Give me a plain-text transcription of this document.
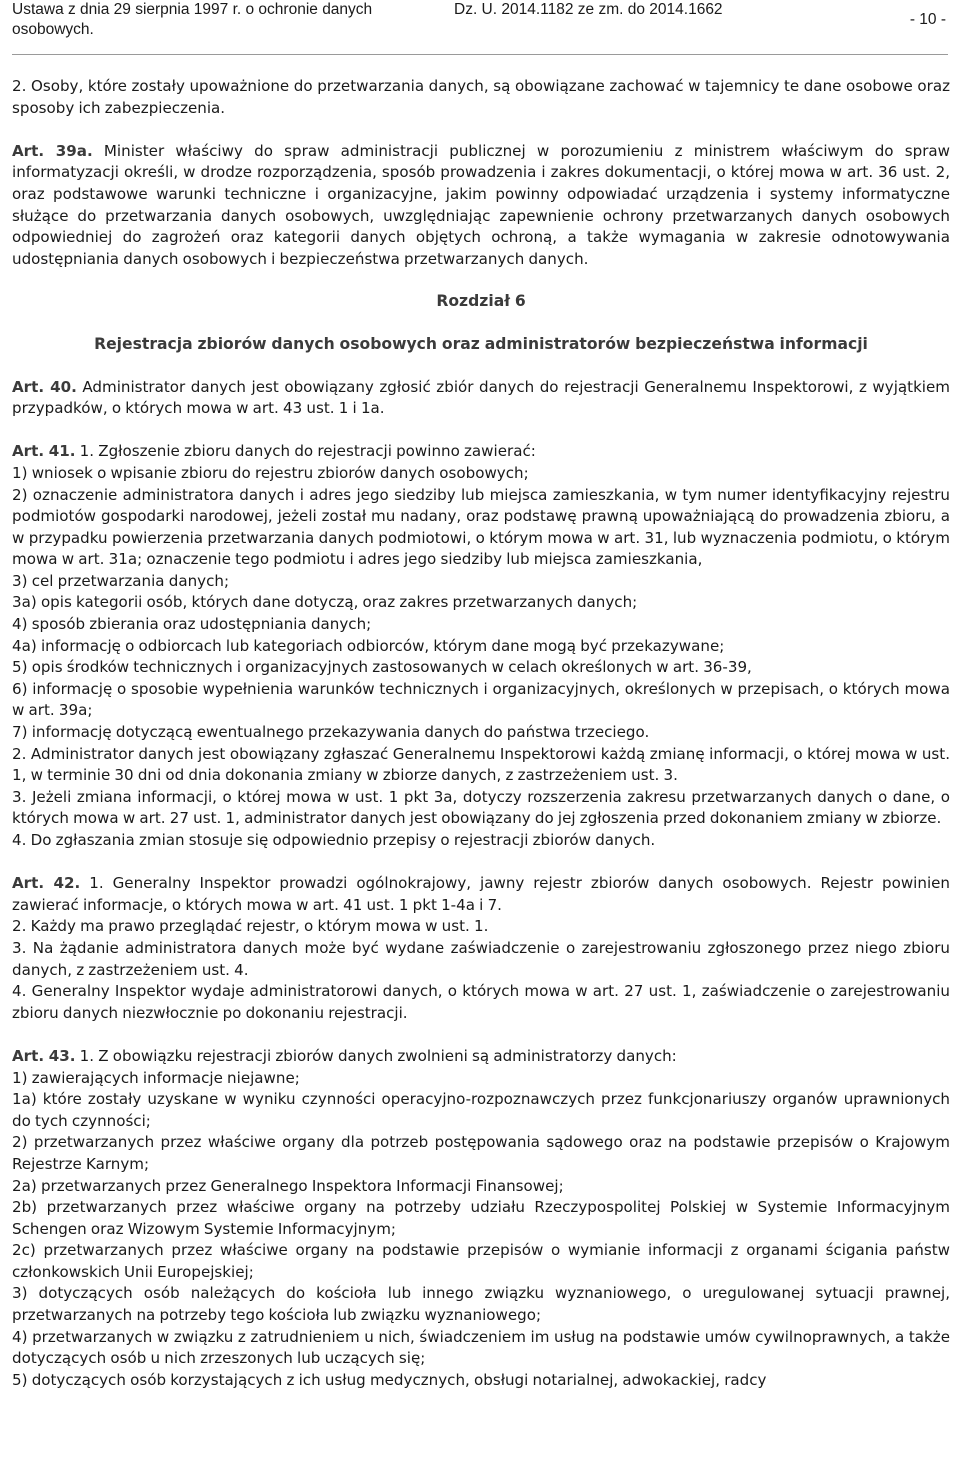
Ustawa z dnia 29 sierpnia 1997 r. o ochronie danych osobowych.
Dz. U. 2014.1182 ze zm. do 2014.1662
- 10 -

2. Osoby, które zostały upoważnione do przetwarzania danych, są obowiązane zachować w tajemnicy te dane osobowe oraz sposoby ich zabezpieczenia.

Art. 39a. Minister właściwy do spraw administracji publicznej w porozumieniu z ministrem właściwym do spraw informatyzacji określi, w drodze rozporządzenia, sposób prowadzenia i zakres dokumentacji, o której mowa w art. 36 ust. 2, oraz podstawowe warunki techniczne i organizacyjne, jakim powinny odpowiadać urządzenia i systemy informatyczne służące do przetwarzania danych osobowych, uwzględniając zapewnienie ochrony przetwarzanych danych osobowych odpowiedniej do zagrożeń oraz kategorii danych objętych ochroną, a także wymagania w zakresie odnotowywania udostępniania danych osobowych i bezpieczeństwa przetwarzanych danych.

Rozdział 6

Rejestracja zbiorów danych osobowych oraz administratorów bezpieczeństwa informacji

Art. 40. Administrator danych jest obowiązany zgłosić zbiór danych do rejestracji Generalnemu Inspektorowi, z wyjątkiem przypadków, o których mowa w art. 43 ust. 1 i 1a.

Art. 41. 1. Zgłoszenie zbioru danych do rejestracji powinno zawierać:

1) wniosek o wpisanie zbioru do rejestru zbiorów danych osobowych;

2) oznaczenie administratora danych i adres jego siedziby lub miejsca zamieszkania, w tym numer identyfikacyjny rejestru podmiotów gospodarki narodowej, jeżeli został mu nadany, oraz podstawę prawną upoważniającą do prowadzenia zbioru, a w przypadku powierzenia przetwarzania danych podmiotowi, o którym mowa w art. 31, lub wyznaczenia podmiotu, o którym mowa w art. 31a; oznaczenie tego podmiotu i adres jego siedziby lub miejsca zamieszkania,

3) cel przetwarzania danych;

3a) opis kategorii osób, których dane dotyczą, oraz zakres przetwarzanych danych;

4) sposób zbierania oraz udostępniania danych;

4a) informację o odbiorcach lub kategoriach odbiorców, którym dane mogą być przekazywane;

5) opis środków technicznych i organizacyjnych zastosowanych w celach określonych w art. 36-39,

6) informację o sposobie wypełnienia warunków technicznych i organizacyjnych, określonych w przepisach, o których mowa w art. 39a;

7) informację dotyczącą ewentualnego przekazywania danych do państwa trzeciego.

2. Administrator danych jest obowiązany zgłaszać Generalnemu Inspektorowi każdą zmianę informacji, o której mowa w ust. 1, w terminie 30 dni od dnia dokonania zmiany w zbiorze danych, z zastrzeżeniem ust. 3.

3. Jeżeli zmiana informacji, o której mowa w ust. 1 pkt 3a, dotyczy rozszerzenia zakresu przetwarzanych danych o dane, o których mowa w art. 27 ust. 1, administrator danych jest obowiązany do jej zgłoszenia przed dokonaniem zmiany w zbiorze.

4. Do zgłaszania zmian stosuje się odpowiednio przepisy o rejestracji zbiorów danych.

Art. 42. 1. Generalny Inspektor prowadzi ogólnokrajowy, jawny rejestr zbiorów danych osobowych. Rejestr powinien zawierać informacje, o których mowa w art. 41 ust. 1 pkt 1-4a i 7.

2. Każdy ma prawo przeglądać rejestr, o którym mowa w ust. 1.

3. Na żądanie administratora danych może być wydane zaświadczenie o zarejestrowaniu zgłoszonego przez niego zbioru danych, z zastrzeżeniem ust. 4.

4. Generalny Inspektor wydaje administratorowi danych, o których mowa w art. 27 ust. 1, zaświadczenie o zarejestrowaniu zbioru danych niezwłocznie po dokonaniu rejestracji.

Art. 43. 1. Z obowiązku rejestracji zbiorów danych zwolnieni są administratorzy danych:

1) zawierających informacje niejawne;

1a) które zostały uzyskane w wyniku czynności operacyjno-rozpoznawczych przez funkcjonariuszy organów uprawnionych do tych czynności;

2) przetwarzanych przez właściwe organy dla potrzeb postępowania sądowego oraz na podstawie przepisów o Krajowym Rejestrze Karnym;

2a) przetwarzanych przez Generalnego Inspektora Informacji Finansowej;

2b) przetwarzanych przez właściwe organy na potrzeby udziału Rzeczypospolitej Polskiej w Systemie Informacyjnym Schengen oraz Wizowym Systemie Informacyjnym;

2c) przetwarzanych przez właściwe organy na podstawie przepisów o wymianie informacji z organami ścigania państw członkowskich Unii Europejskiej;

3) dotyczących osób należących do kościoła lub innego związku wyznaniowego, o uregulowanej sytuacji prawnej, przetwarzanych na potrzeby tego kościoła lub związku wyznaniowego;

4) przetwarzanych w związku z zatrudnieniem u nich, świadczeniem im usług na podstawie umów cywilnoprawnych, a także dotyczących osób u nich zrzeszonych lub uczących się;

5) dotyczących osób korzystających z ich usług medycznych, obsługi notarialnej, adwokackiej, radcy
